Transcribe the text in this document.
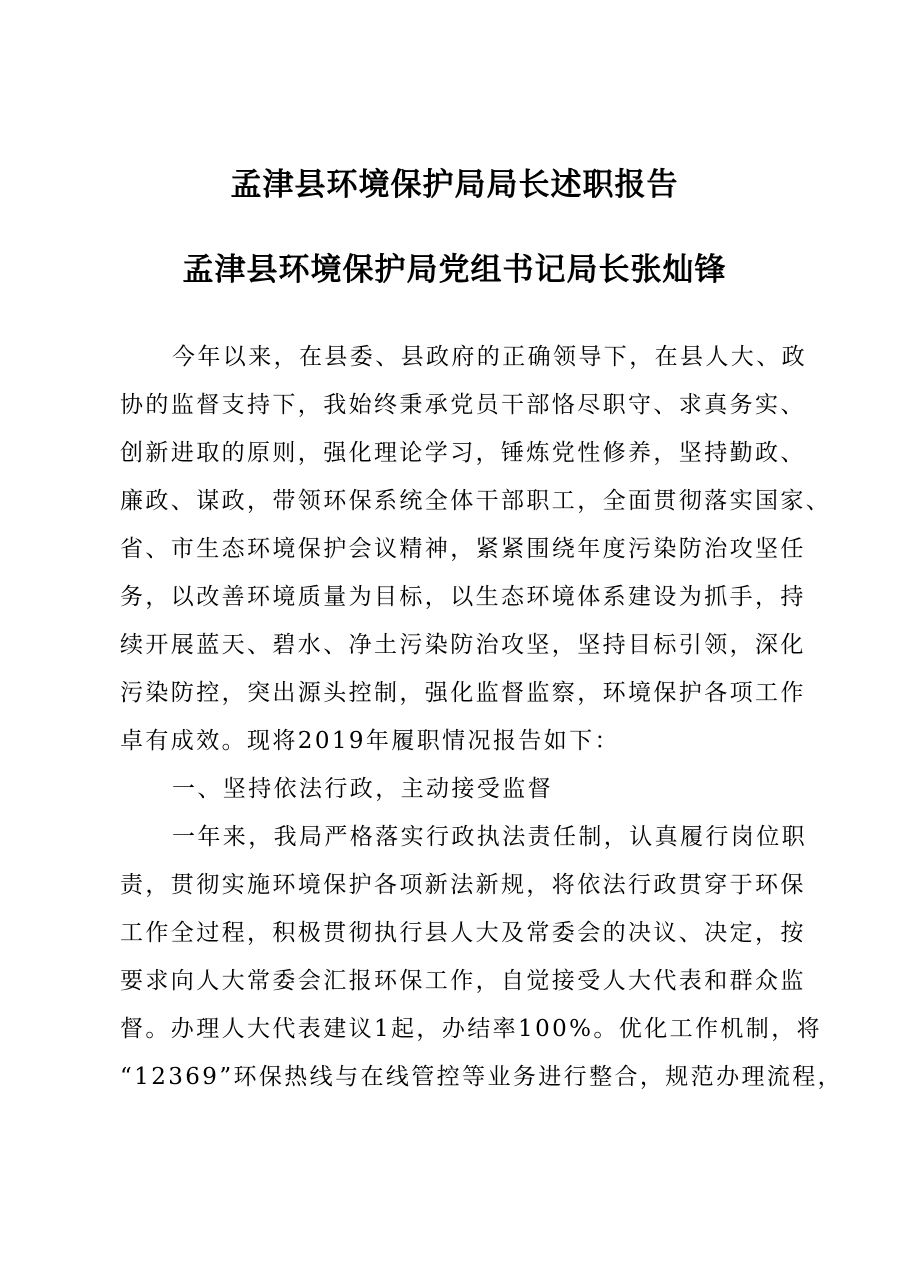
孟津县环境保护局局长述职报告
孟津县环境保护局党组书记局长张灿锋
今年以来，在县委、县政府的正确领导下，在县人大、政
协的监督支持下，我始终秉承党员干部恪尽职守、求真务实、
创新进取的原则，强化理论学习，锤炼党性修养，坚持勤政、
廉政、谋政，带领环保系统全体干部职工，全面贯彻落实国家、
省、市生态环境保护会议精神，紧紧围绕年度污染防治攻坚任
务，以改善环境质量为目标，以生态环境体系建设为抓手，持
续开展蓝天、碧水、净土污染防治攻坚，坚持目标引领，深化
污染防控，突出源头控制，强化监督监察，环境保护各项工作
卓有成效。现将2019年履职情况报告如下：
一、坚持依法行政，主动接受监督
一年来，我局严格落实行政执法责任制，认真履行岗位职
责，贯彻实施环境保护各项新法新规，将依法行政贯穿于环保
工作全过程，积极贯彻执行县人大及常委会的决议、决定，按
要求向人大常委会汇报环保工作，自觉接受人大代表和群众监
督。办理人大代表建议1起，办结率100%。优化工作机制，将
“12369”环保热线与在线管控等业务进行整合，规范办理流程，
